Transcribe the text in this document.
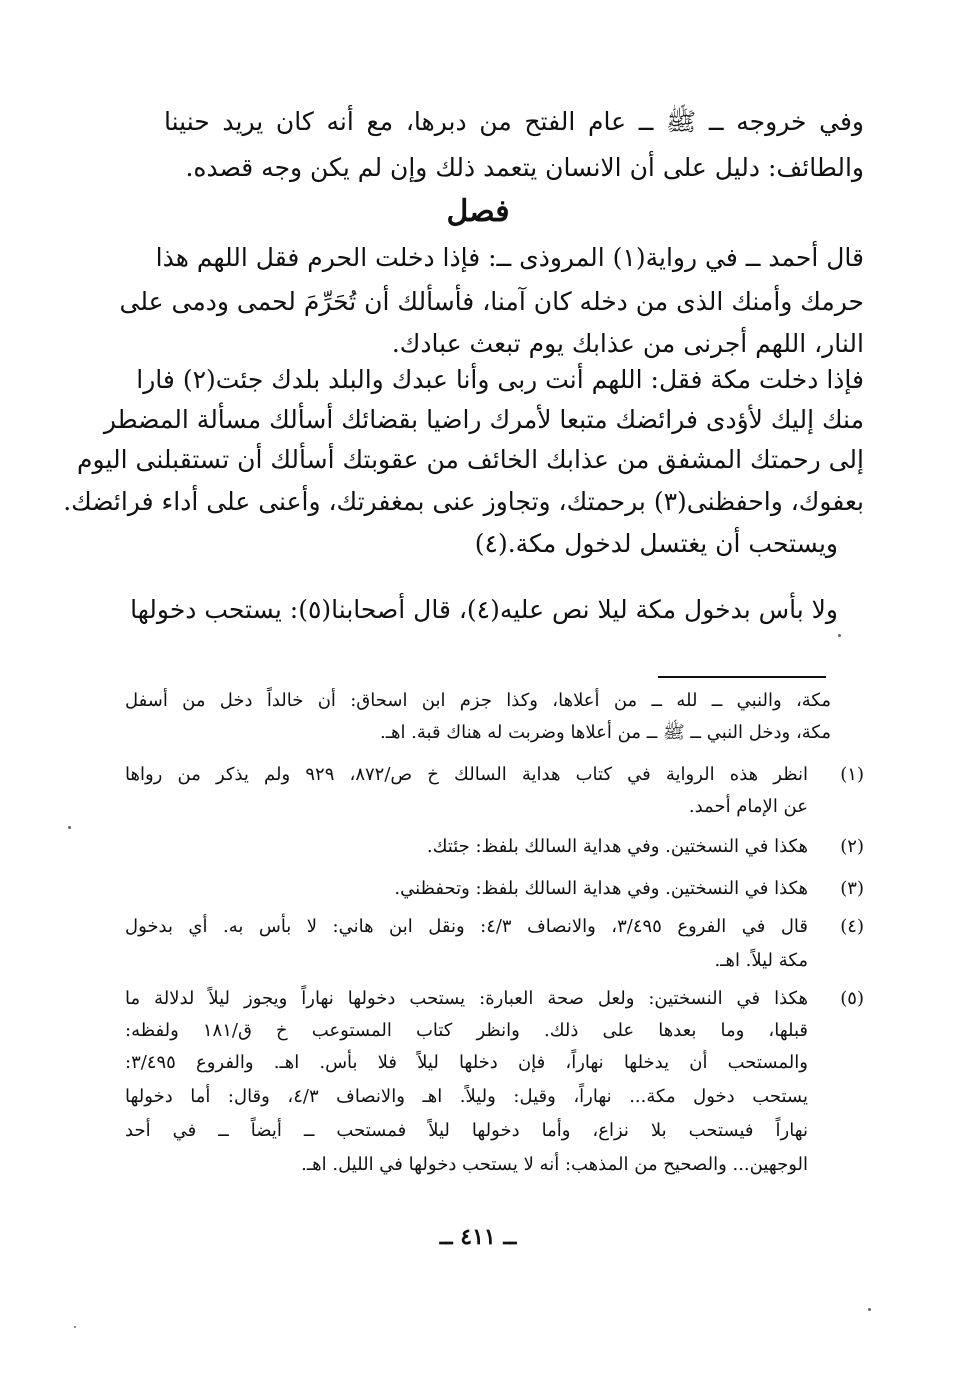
وفي خروجه ــ ﷺ ــ عام الفتح من دبرها، مع أنه كان يريد حنينا
والطائف: دليل على أن الانسان يتعمد ذلك وإن لم يكن وجه قصده.
فصل
قال أحمد ــ في رواية(١) المروذى ــ: فإذا دخلت الحرم فقل اللهم هذا
حرمك وأمنك الذى من دخله كان آمنا، فأسألك أن تُحَرِّمَ لحمى ودمى على
النار، اللهم أجرنى من عذابك يوم تبعث عبادك.
فإذا دخلت مكة فقل: اللهم أنت ربى وأنا عبدك والبلد بلدك جئت(٢) فارا
منك إليك لأؤدى فرائضك متبعا لأمرك راضيا بقضائك أسألك مسألة المضطر
إلى رحمتك المشفق من عذابك الخائف من عقوبتك أسألك أن تستقبلنى اليوم
بعفوك، واحفظنى(٣) برحمتك، وتجاوز عنى بمغفرتك، وأعنى على أداء فرائضك.
ويستحب أن يغتسل لدخول مكة.(٤)
ولا بأس بدخول مكة ليلا نص عليه(٤)، قال أصحابنا(٥): يستحب دخولها
مكة، والنبي ــ لله ــ من أعلاها، وكذا جزم ابن اسحاق: أن خالداً دخل من أسفل
مكة، ودخل النبي ــ ﷺ ــ من أعلاها وضربت له هناك قبة. اهـ.
(١)
انظر هذه الرواية في كتاب هداية السالك خ ص/٨٧٢، ٩٢٩ ولم يذكر من رواها
عن الإمام أحمد.
(٢)
هكذا في النسختين. وفي هداية السالك بلفظ: جئتك.
(٣)
هكذا في النسختين. وفي هداية السالك بلفظ: وتحفظني.
(٤)
قال في الفروع ٣/٤٩٥، والانصاف ٤/٣: ونقل ابن هاني: لا بأس به. أي بدخول
مكة ليلاً. اهـ.
(٥)
هكذا في النسختين: ولعل صحة العبارة: يستحب دخولها نهاراً ويجوز ليلاً لدلالة ما
قبلها، وما بعدها على ذلك. وانظر كتاب المستوعب خ ق/١٨١ ولفظه:
والمستحب أن يدخلها نهاراً، فإن دخلها ليلاً فلا بأس. اهـ. والفروع ٣/٤٩٥:
يستحب دخول مكة... نهاراً، وقيل: وليلاً. اهـ والانصاف ٤/٣، وقال: أما دخولها
نهاراً فيستحب بلا نزاع، وأما دخولها ليلاً فمستحب ــ أيضاً ــ في أحد
الوجهين... والصحيح من المذهب: أنه لا يستحب دخولها في الليل. اهـ.
ــ ٤١١ ــ
